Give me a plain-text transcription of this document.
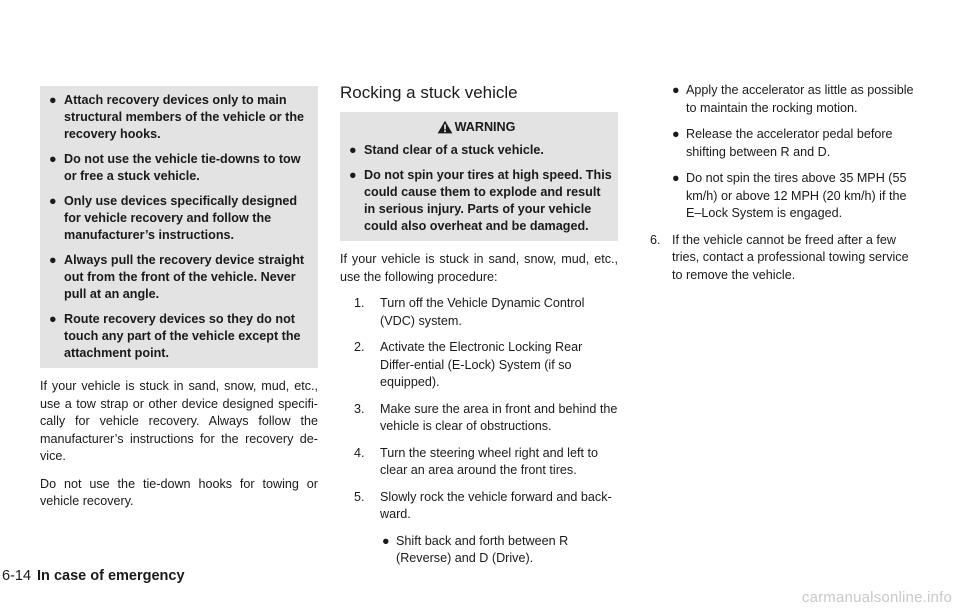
● Attach recovery devices only to main structural members of the vehicle or the recovery hooks.
● Do not use the vehicle tie-downs to tow or free a stuck vehicle.
● Only use devices specifically designed for vehicle recovery and follow the manufacturer’s instructions.
● Always pull the recovery device straight out from the front of the vehicle. Never pull at an angle.
● Route recovery devices so they do not touch any part of the vehicle except the attachment point.

If your vehicle is stuck in sand, snow, mud, etc., use a tow strap or other device designed specifi-cally for vehicle recovery. Always follow the manufacturer’s instructions for the recovery de-vice.

Do not use the tie-down hooks for towing or vehicle recovery.

Rocking a stuck vehicle
WARNING
● Stand clear of a stuck vehicle.
● Do not spin your tires at high speed. This could cause them to explode and result in serious injury. Parts of your vehicle could also overheat and be damaged.

If your vehicle is stuck in sand, snow, mud, etc., use the following procedure:

1. Turn off the Vehicle Dynamic Control (VDC) system.
2. Activate the Electronic Locking Rear Differ-ential (E-Lock) System (if so equipped).
3. Make sure the area in front and behind the vehicle is clear of obstructions.
4. Turn the steering wheel right and left to clear an area around the front tires.
5. Slowly rock the vehicle forward and back-ward.
● Shift back and forth between R (Reverse) and D (Drive).
● Apply the accelerator as little as possible to maintain the rocking motion.
● Release the accelerator pedal before shifting between R and D.
● Do not spin the tires above 35 MPH (55 km/h) or above 12 MPH (20 km/h) if the E–Lock System is engaged.
6. If the vehicle cannot be freed after a few tries, contact a professional towing service to remove the vehicle.
6-14 In case of emergency
carmanualsonline.info
